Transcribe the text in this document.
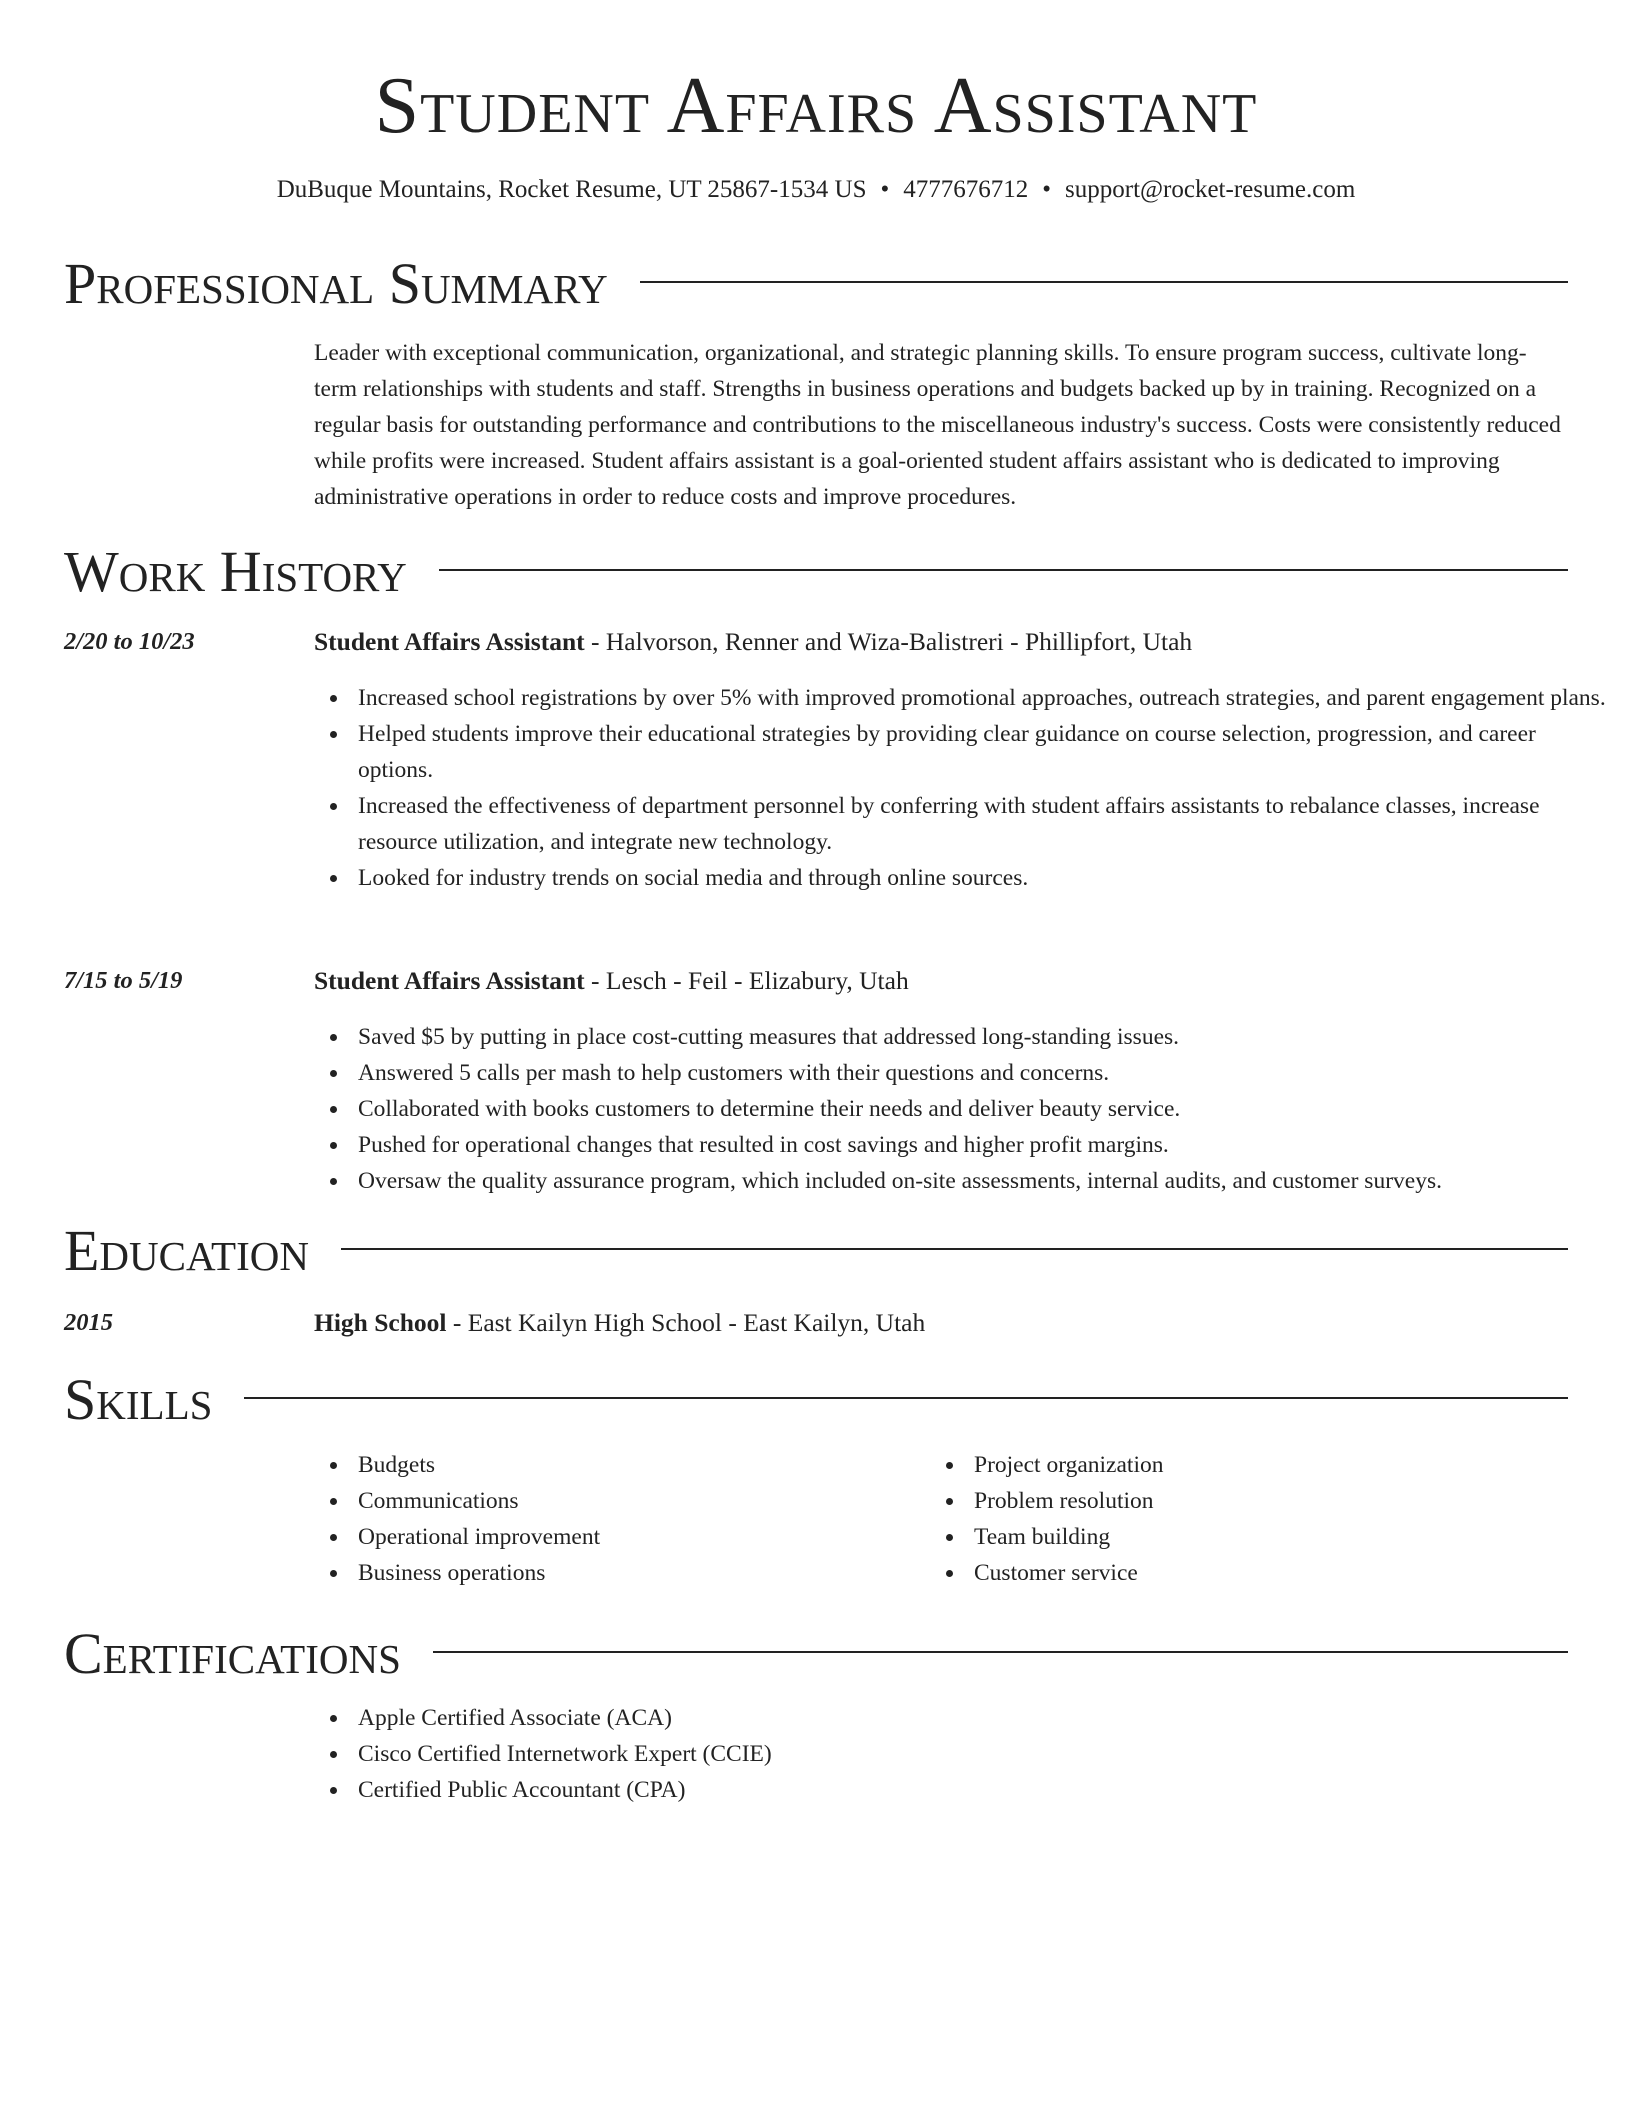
Student Affairs Assistant
DuBuque Mountains, Rocket Resume, UT 25867-1534 US • 4777676712 • support@rocket-resume.com
Professional Summary
Leader with exceptional communication, organizational, and strategic planning skills. To ensure program success, cultivate long-term relationships with students and staff. Strengths in business operations and budgets backed up by in training. Recognized on a regular basis for outstanding performance and contributions to the miscellaneous industry's success. Costs were consistently reduced while profits were increased. Student affairs assistant is a goal-oriented student affairs assistant who is dedicated to improving administrative operations in order to reduce costs and improve procedures.
Work History
2/20 to 10/23	Student Affairs Assistant - Halvorson, Renner and Wiza-Balistreri - Phillipfort, Utah
Increased school registrations by over 5% with improved promotional approaches, outreach strategies, and parent engagement plans.
Helped students improve their educational strategies by providing clear guidance on course selection, progression, and career options.
Increased the effectiveness of department personnel by conferring with student affairs assistants to rebalance classes, increase resource utilization, and integrate new technology.
Looked for industry trends on social media and through online sources.
7/15 to 5/19	Student Affairs Assistant - Lesch - Feil - Elizabury, Utah
Saved $5 by putting in place cost-cutting measures that addressed long-standing issues.
Answered 5 calls per mash to help customers with their questions and concerns.
Collaborated with books customers to determine their needs and deliver beauty service.
Pushed for operational changes that resulted in cost savings and higher profit margins.
Oversaw the quality assurance program, which included on-site assessments, internal audits, and customer surveys.
Education
2015	High School - East Kailyn High School - East Kailyn, Utah
Skills
Budgets
Communications
Operational improvement
Business operations
Project organization
Problem resolution
Team building
Customer service
Certifications
Apple Certified Associate (ACA)
Cisco Certified Internetwork Expert (CCIE)
Certified Public Accountant (CPA)
